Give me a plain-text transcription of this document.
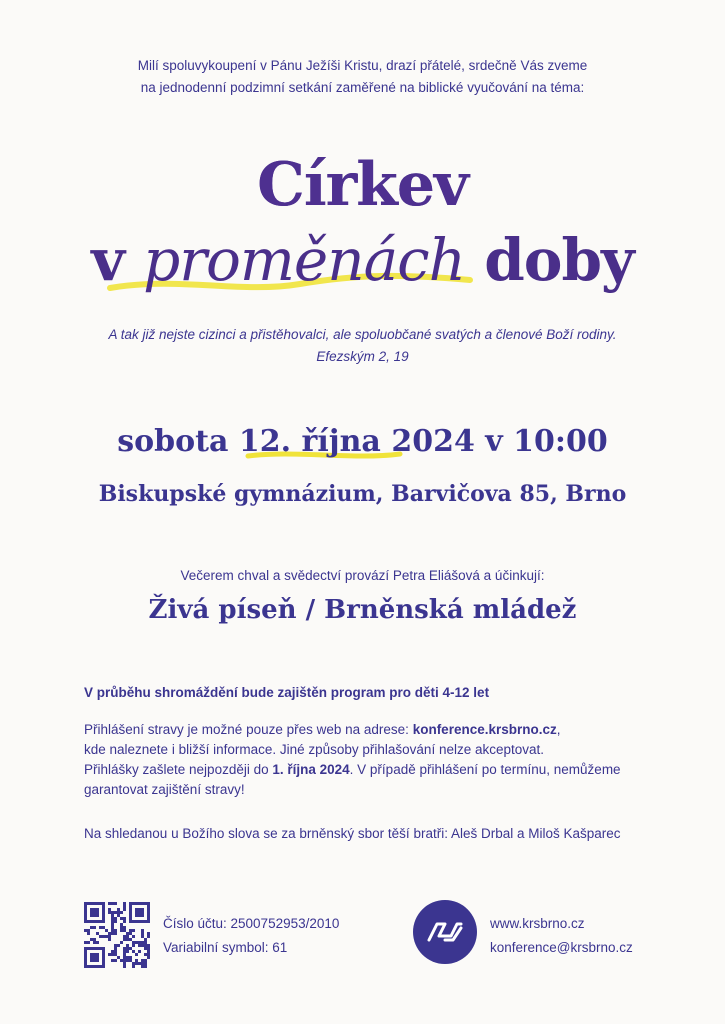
Milí spoluvykoupení v Pánu Ježíši Kristu, drazí přátelé, srdečně Vás zveme
na jednodenní podzimní setkání zaměřené na biblické vyučování na téma:
Církev
v proměnách doby
A tak již nejste cizinci a přistěhovalci, ale spoluobčané svatých a členové Boží rodiny.
Efezským 2, 19
sobota 12. října 2024 v 10:00
Biskupské gymnázium, Barvičova 85, Brno
Večerem chval a svědectví provází Petra Eliášová a účinkují:
Živá píseň / Brněnská mládež
V průběhu shromáždění bude zajištěn program pro děti 4-12 let
Přihlášení stravy je možné pouze přes web na adrese: konference.krsbrno.cz,
kde naleznete i bližší informace. Jiné způsoby přihlašování nelze akceptovat.
Přihlášky zašlete nejpozději do 1. října 2024. V případě přihlášení po termínu, nemůžeme garantovat zajištění stravy!
Na shledanou u Božího slova se za brněnský sbor těší bratři: Aleš Drbal a Miloš Kašparec
Číslo účtu: 2500752953/2010
Variabilní symbol: 61
www.krsbrno.cz
konference@krsbrno.cz
